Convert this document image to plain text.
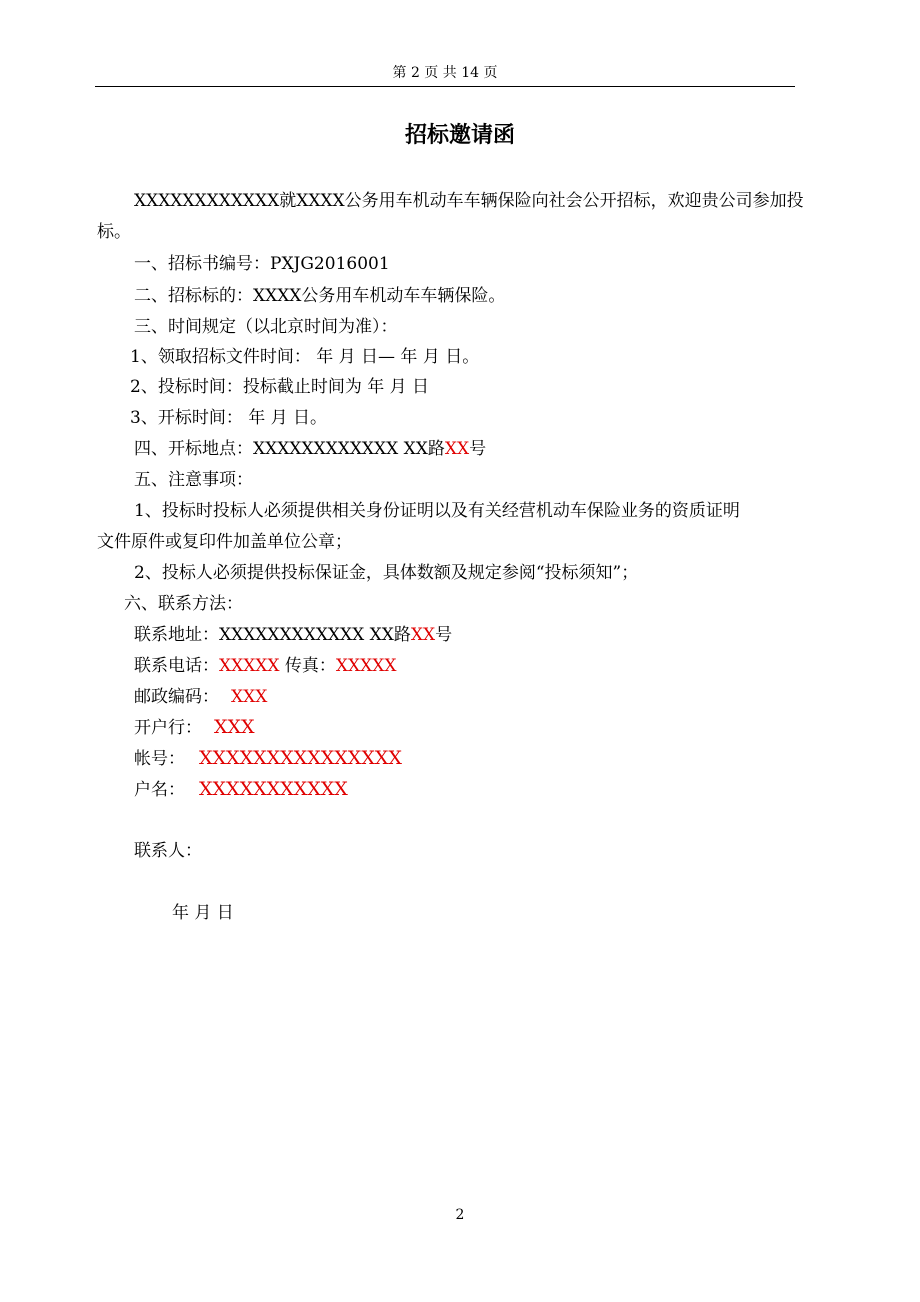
第 2 页 共 14 页
招标邀请函
XXXXXXXXXXXX就XXXX公务用车机动车车辆保险向社会公开招标，欢迎贵公司参加投
标。
一、招标书编号：PXJG2016001
二、招标标的：XXXX公务用车机动车车辆保险。
三、时间规定（以北京时间为准）：
1、领取招标文件时间： 年 月 日— 年 月 日。
2、投标时间：投标截止时间为 年 月 日
3、开标时间： 年 月 日。
四、开标地点：XXXXXXXXXXXX XX路XX号
五、注意事项：
1、投标时投标人必须提供相关身份证明以及有关经营机动车保险业务的资质证明
文件原件或复印件加盖单位公章；
2、投标人必须提供投标保证金，具体数额及规定参阅“投标须知”；
六、联系方法：
联系地址：XXXXXXXXXXXX XX路XX号
联系电话：XXXXX 传真：XXXXX
邮政编码： XXX
开户行： XXX
帐号： XXXXXXXXXXXXXXX
户名： XXXXXXXXXXX
联系人：
年 月 日
2
